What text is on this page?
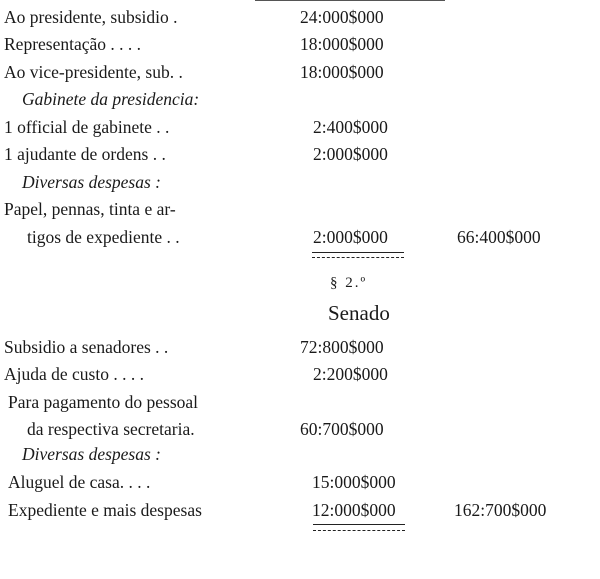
Ao presidente, subsidio .	24:000$000
Representação . . . .	18:000$000
Ao vice-presidente, sub. .	18:000$000
Gabinete da presidencia:
1 official de gabinete . .	2:400$000
1 ajudante de ordens . .	2:000$000
Diversas despesas :
Papel, pennas, tinta e ar-
tigos de expediente . .	2:000$000	66:400$000
§ 2.º
Senado
Subsidio a senadores . .	72:800$000
Ajuda de custo . . . .	2:200$000
Para pagamento do pessoal
da respectiva secretaria.	60:700$000
Diversas despesas :
Aluguel de casa. . . .	15:000$000
Expediente e mais despesas	12:000$000	162:700$000
